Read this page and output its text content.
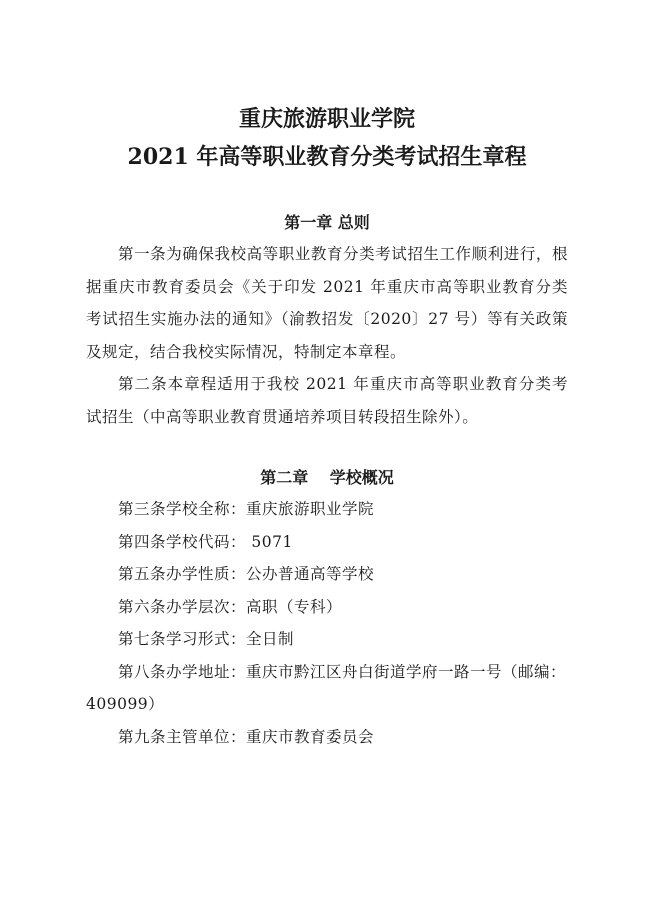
重庆旅游职业学院
2021 年高等职业教育分类考试招生章程
第一章 总则

第一条为确保我校高等职业教育分类考试招生工作顺利进行，根据重庆市教育委员会《关于印发 2021 年重庆市高等职业教育分类考试招生实施办法的通知》（渝教招发〔2020〕27 号）等有关政策及规定，结合我校实际情况，特制定本章程。

第二条本章程适用于我校 2021 年重庆市高等职业教育分类考试招生（中高等职业教育贯通培养项目转段招生除外）。

第二章　 学校概况

第三条学校全称：重庆旅游职业学院

第四条学校代码： 5071

第五条办学性质：公办普通高等学校

第六条办学层次：高职（专科）

第七条学习形式：全日制

第八条办学地址：重庆市黔江区舟白街道学府一路一号（邮编：409099）

第九条主管单位：重庆市教育委员会
